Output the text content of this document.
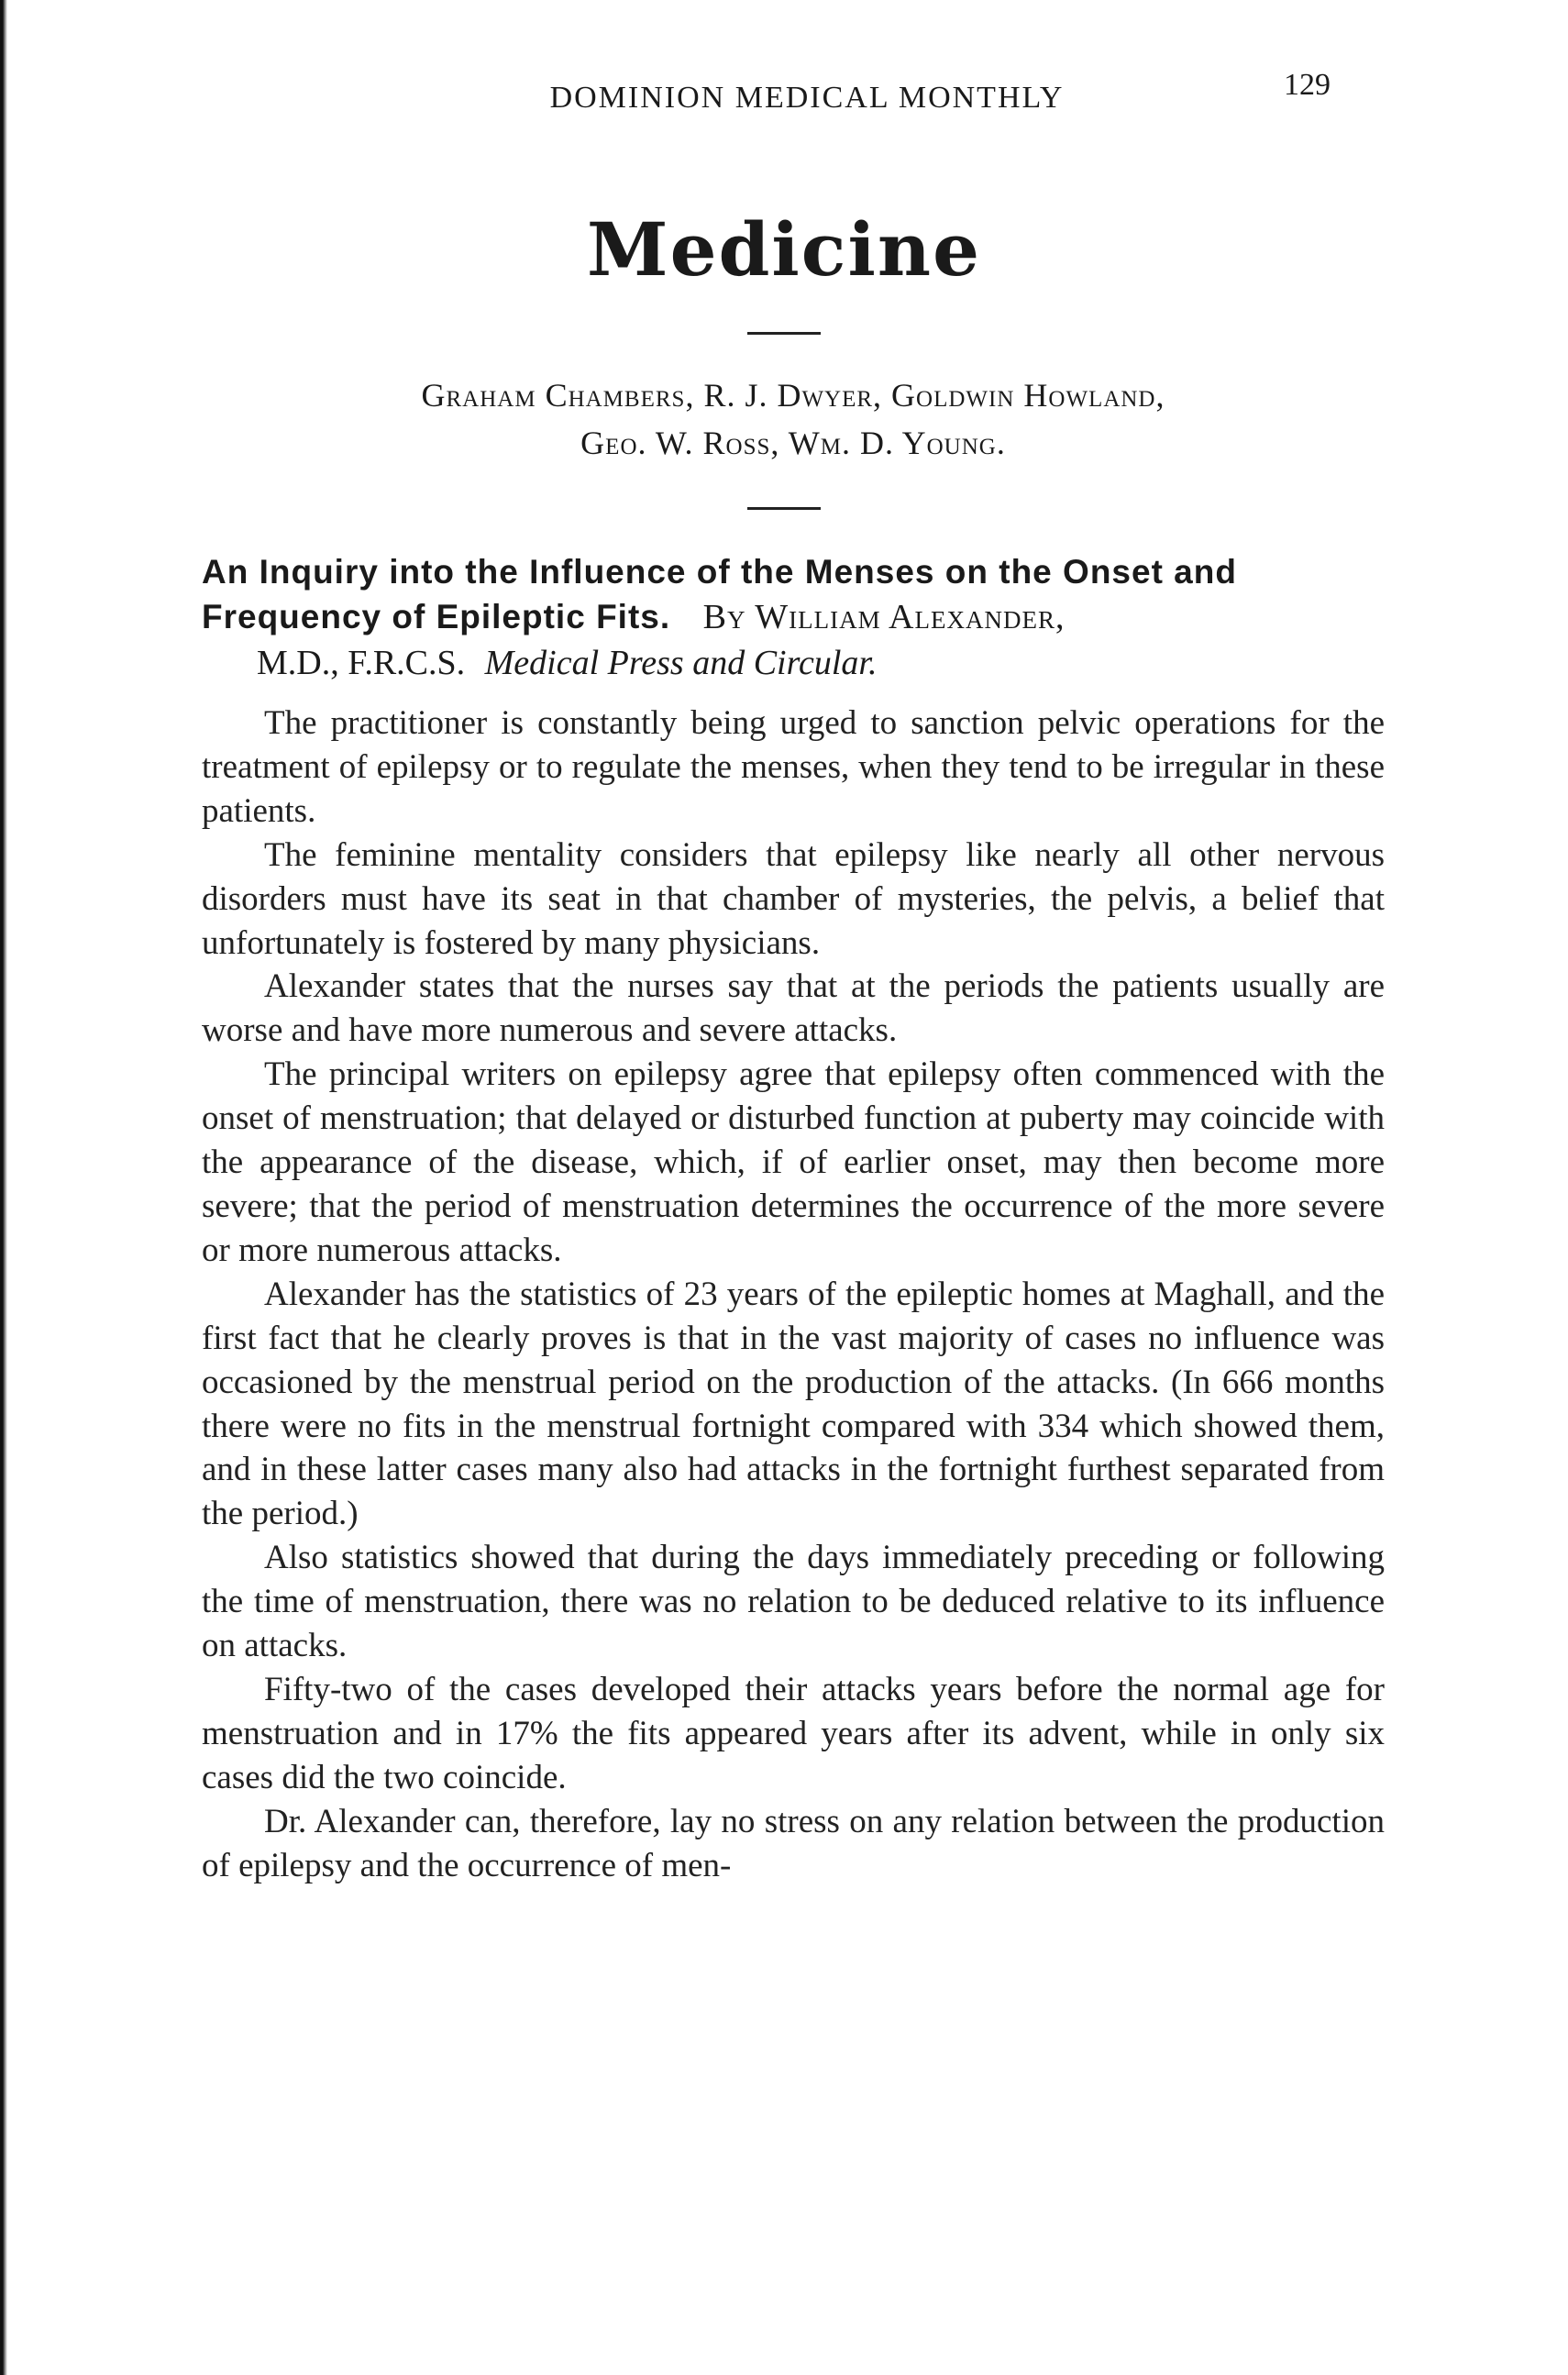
DOMINION MEDICAL MONTHLY	129
Medicine
Graham Chambers, R. J. Dwyer, Goldwin Howland,
Geo. W. Ross, Wm. D. Young.
An Inquiry into the Influence of the Menses on the Onset and Frequency of Epileptic Fits. By William Alexander,
M.D., F.R.C.S. Medical Press and Circular.

The practitioner is constantly being urged to sanction pelvic operations for the treatment of epilepsy or to regulate the menses, when they tend to be irregular in these patients.

The feminine mentality considers that epilepsy like nearly all other nervous disorders must have its seat in that chamber of mysteries, the pelvis, a belief that unfortunately is fostered by many physicians.

Alexander states that the nurses say that at the periods the patients usually are worse and have more numerous and severe attacks.

The principal writers on epilepsy agree that epilepsy often commenced with the onset of menstruation; that delayed or disturbed function at puberty may coincide with the appearance of the disease, which, if of earlier onset, may then become more severe; that the period of menstruation determines the occurrence of the more severe or more numerous attacks.

Alexander has the statistics of 23 years of the epileptic homes at Maghall, and the first fact that he clearly proves is that in the vast majority of cases no influence was occasioned by the menstrual period on the production of the attacks. (In 666 months there were no fits in the menstrual fortnight compared with 334 which showed them, and in these latter cases many also had attacks in the fortnight furthest separated from the period.)

Also statistics showed that during the days immediately preceding or following the time of menstruation, there was no relation to be deduced relative to its influence on attacks.

Fifty-two of the cases developed their attacks years before the normal age for menstruation and in 17% the fits appeared years after its advent, while in only six cases did the two coincide.

Dr. Alexander can, therefore, lay no stress on any relation between the production of epilepsy and the occurrence of men-
